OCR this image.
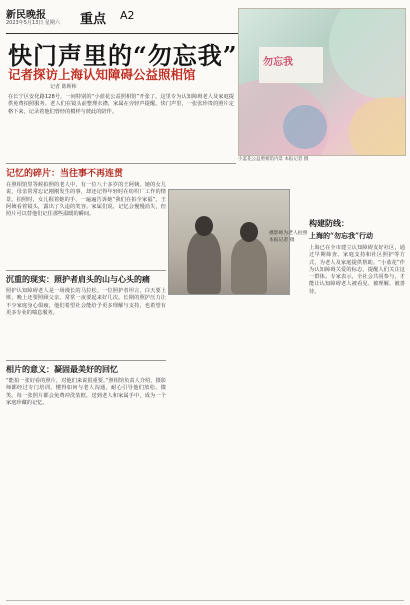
新民晚报
2023年5月13日 星期六 重点 A2
勿忘我
小蓝花公益照相馆内景 本报记者 摄
快门声里的“勿忘我”
记者探访上海认知障碍公益照相馆
记者 陈斯帏

在长宁区安化路128号，一间特别的“小蓝花公益照相馆”开张了。这里专为认知障碍老人及家庭提供免费拍照服务。老人们在镜头前整理衣襟，家属在旁轻声提醒。快门声里，一张张珍贵的照片定格下来，记录着他们曾经的模样与彼此的陪伴。

记忆的碎片：当往事不再连贯

在照相馆里等候拍照的老人中，有一位八十多岁的王阿姨。她的女儿说，母亲常常忘记刚刚发生的事，却还记得年轻时在纺织厂工作的情景。拍照时，女儿握着她的手，一遍遍告诉她“我们在拍全家福”。王阿姨看着镜头，露出了久违的笑容。家属们说，记忆会慢慢消失，但照片可以替他们记住那些温暖的瞬间。

沉重的现实：照护者肩头的山与心头的痛

照护认知障碍老人是一场漫长的马拉松。一位照护者坦言，白天要上班，晚上还要照顾父亲，常常一夜要起来好几次。长期的照护压力让不少家庭身心俱疲，他们希望社会能给予更多理解与支持，也希望有更多专业的喘息服务。

相片的意义：凝固最美好的回忆

“能拍一张好看的照片，对他们来说很重要。”照相馆负责人介绍，摄影师都经过专门培训，懂得如何与老人沟通，耐心引导他们放松、微笑。每一张照片都会免费冲洗装框，送到老人和家属手中，成为一个家庭珍藏的记忆。

摄影师为老人拍照 本报记者 摄

构建防线：

上海的“勿忘我”行动

上海已在全市建立认知障碍友好社区，通过早期筛查、家庭支持和社区照护等方式，为老人及家庭提供帮助。“小蓝花”作为认知障碍关爱的标志，提醒人们关注这一群体。专家表示，全社会共同参与，才能让认知障碍老人被看见、被理解、被善待。
